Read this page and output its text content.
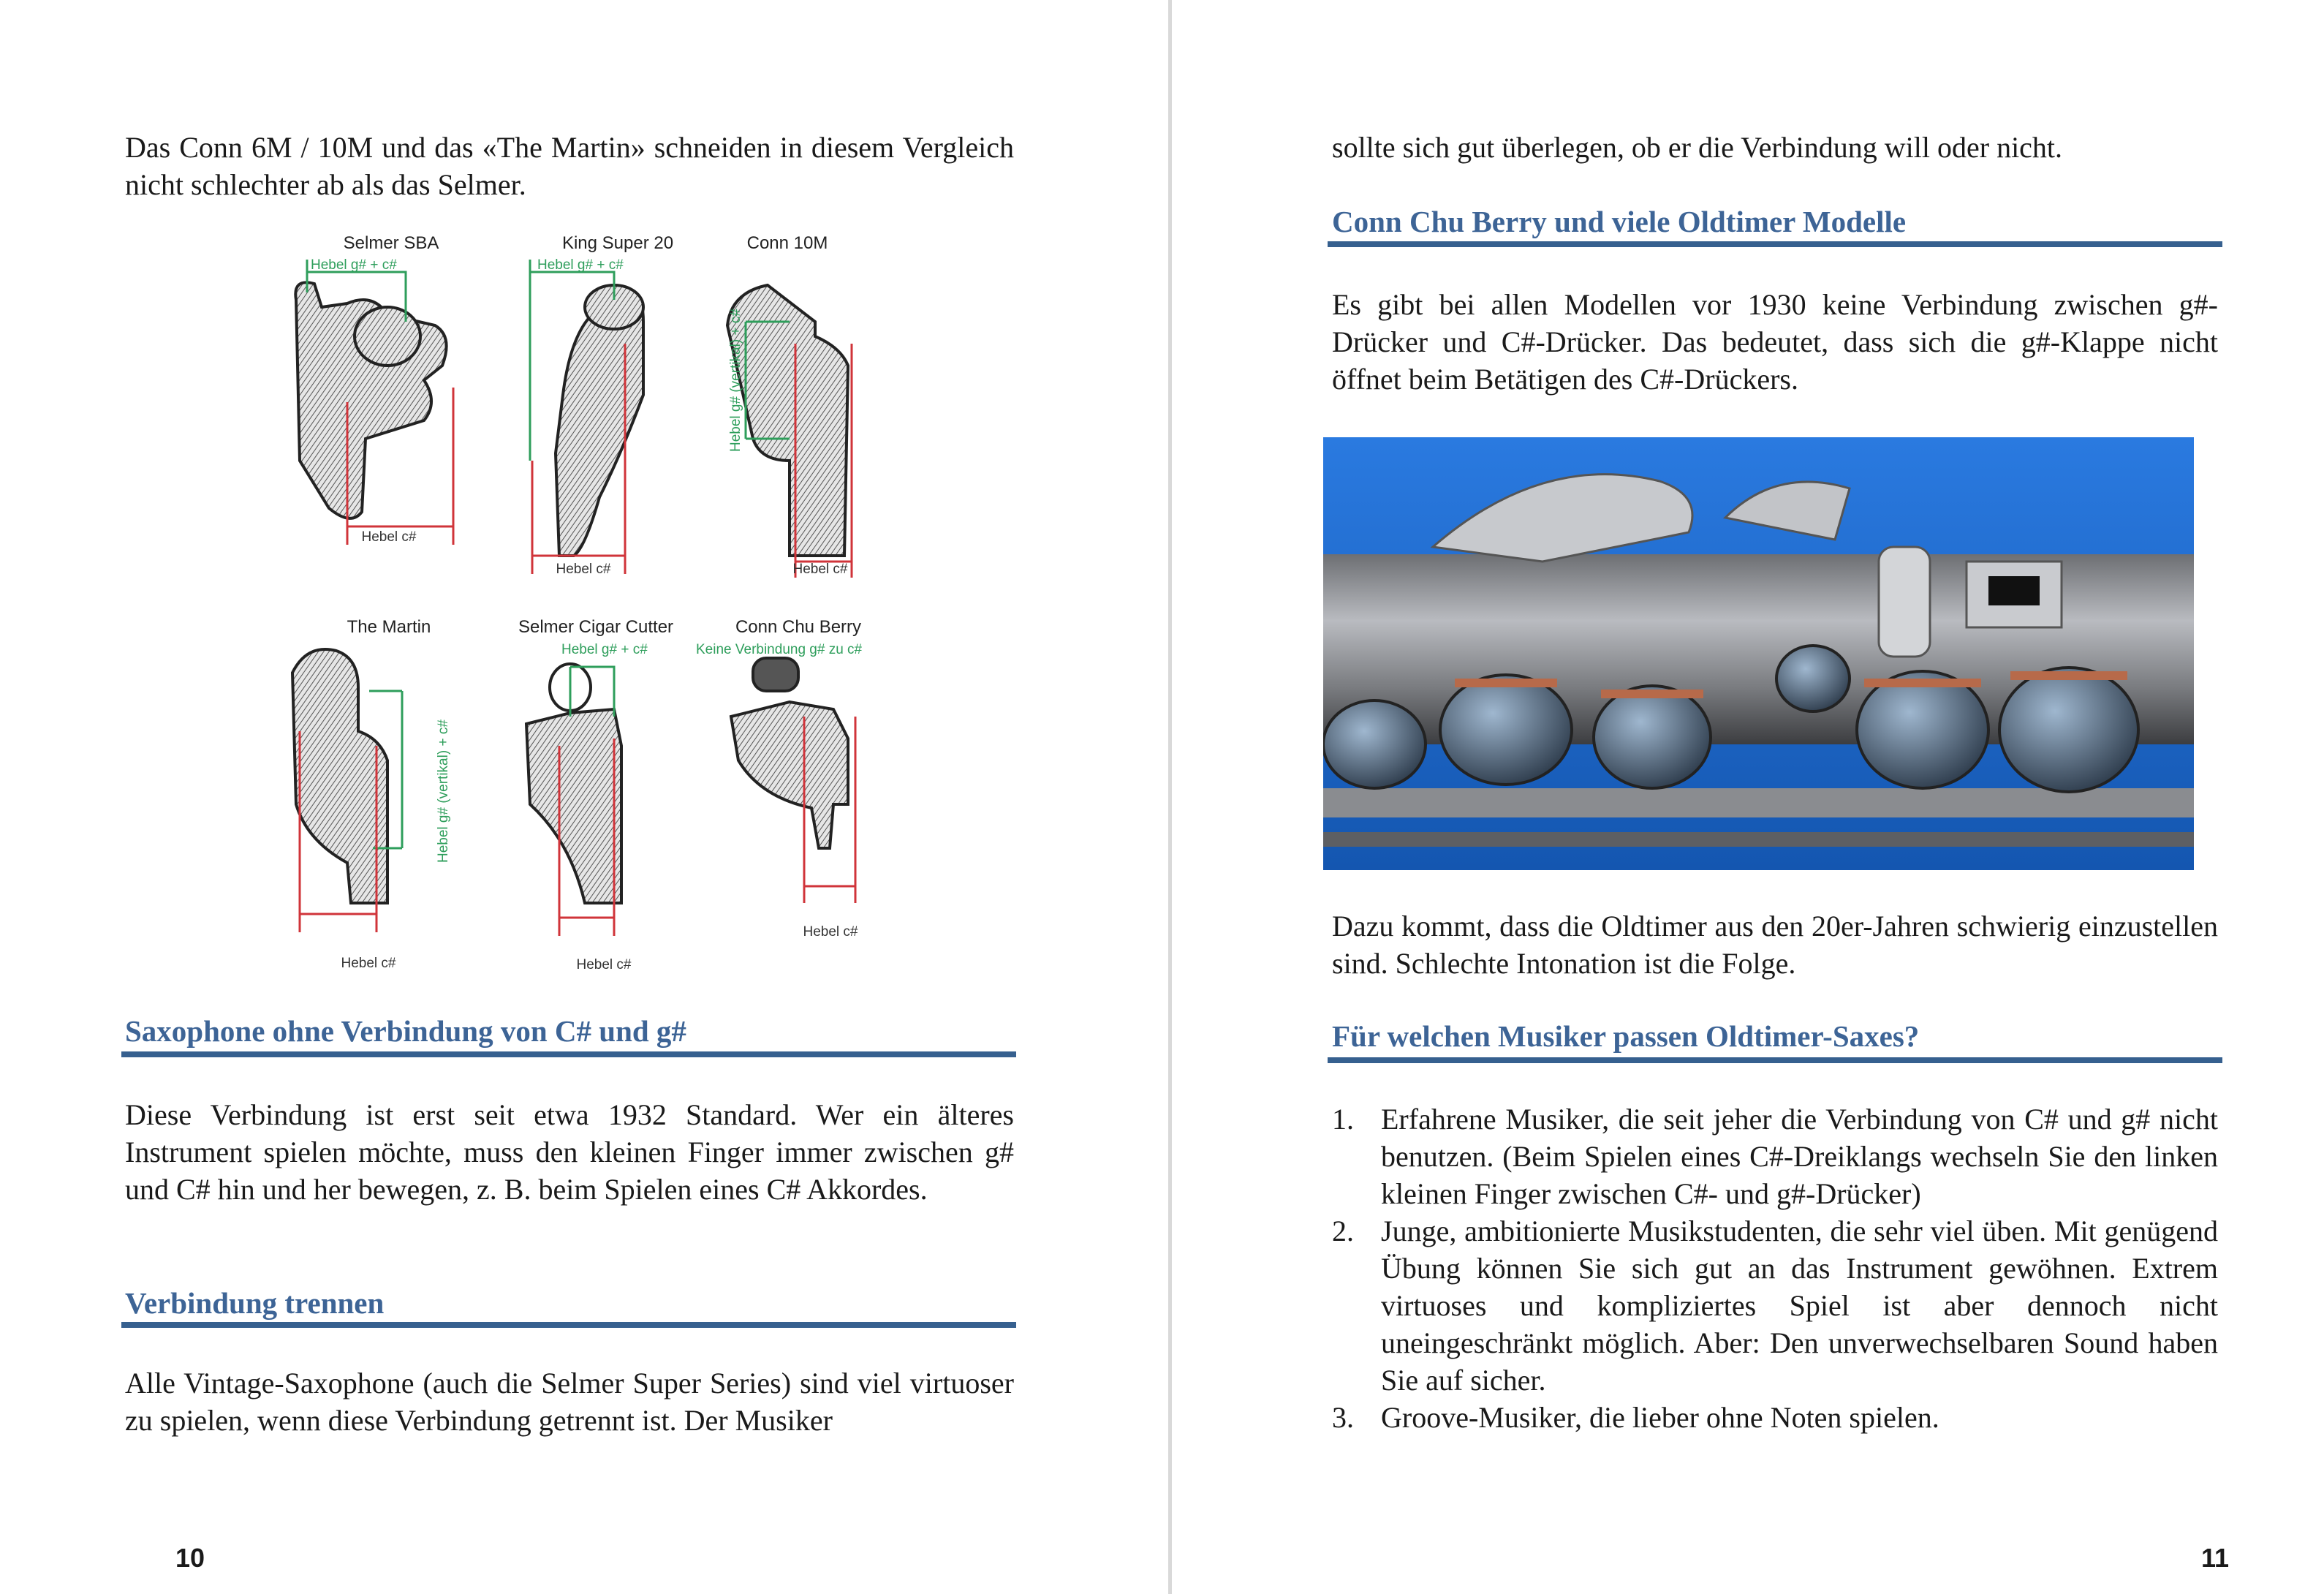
Das Conn 6M / 10M und das «The Martin» schneiden in diesem Vergleich nicht schlechter ab als das Selmer.

Selmer SBA	King Super 20	Conn 10M
The Martin	Selmer Cigar Cutter	Conn Chu Berry
Hebel g# + c#	Hebel g# + c#
Hebel g# (vertikal) + c#
Hebel g# (vertikal) + c#
Hebel g# + c#	Keine Verbindung g# zu c#
Hebel c#
Hebel c#	Hebel c#
Hebel c#	Hebel c#
Hebel c#
Saxophone ohne Verbindung von C# und g#

Diese Verbindung ist erst seit etwa 1932 Standard. Wer ein älteres Instrument spielen möchte, muss den kleinen Finger immer zwischen g# und C# hin und her bewegen, z. B. beim Spielen eines C# Akkordes.

Verbindung trennen

Alle Vintage-Saxophone (auch die Selmer Super Series) sind viel virtuoser zu spielen, wenn diese Verbindung getrennt ist. Der Musiker

10

sollte sich gut überlegen, ob er die Verbindung will oder nicht.

Conn Chu Berry und viele Oldtimer Modelle

Es gibt bei allen Modellen vor 1930 keine Verbindung zwischen g#-Drücker und C#-Drücker. Das bedeutet, dass sich die g#-Klappe nicht öffnet beim Betätigen des C#-Drückers.

Dazu kommt, dass die Oldtimer aus den 20er-Jahren schwierig einzustellen sind. Schlechte Intonation ist die Folge.

Für welchen Musiker passen Oldtimer-Saxes?
1. Erfahrene Musiker, die seit jeher die Verbindung von C# und g# nicht benutzen. (Beim Spielen eines C#-Dreiklangs wechseln Sie den linken kleinen Finger zwischen C#- und g#-Drücker)
2. Junge, ambitionierte Musikstudenten, die sehr viel üben. Mit genügend Übung können Sie sich gut an das Instrument gewöhnen. Extrem virtuoses und kompliziertes Spiel ist aber dennoch nicht uneingeschränkt möglich. Aber: Den unverwechselbaren Sound haben Sie auf sicher.
3. Groove-Musiker, die lieber ohne Noten spielen.
11
